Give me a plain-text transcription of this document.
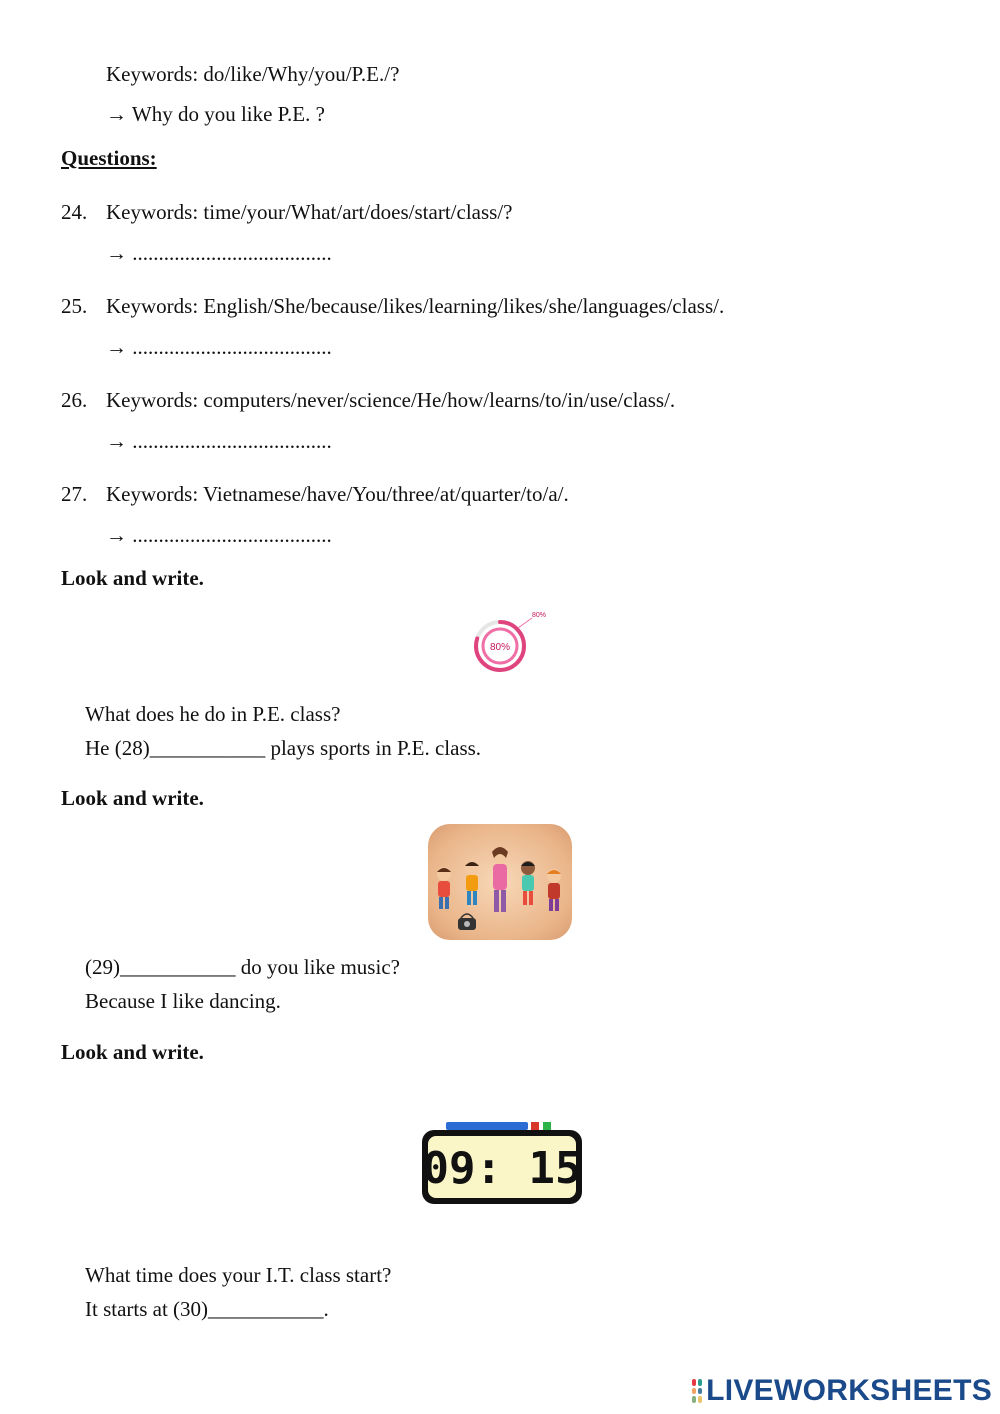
Keywords: do/like/Why/you/P.E./?
→ Why do you like P.E. ?
Questions:
24. Keywords: time/your/What/art/does/start/class/?
→ ......................................
25. Keywords: English/She/because/likes/learning/likes/she/languages/class/.
→ ......................................
26. Keywords: computers/never/science/He/how/learns/to/in/use/class/.
→ ......................................
27. Keywords: Vietnamese/have/You/three/at/quarter/to/a/.
→ ......................................
Look and write.
80%
80%
What does he do in P.E. class?
He (28)___________ plays sports in P.E. class.
Look and write.
(29)___________ do you like music?
Because I like dancing.
Look and write.
09: 15
What time does your I.T. class start?
It starts at (30)___________.
LIVEWORKSHEETS
